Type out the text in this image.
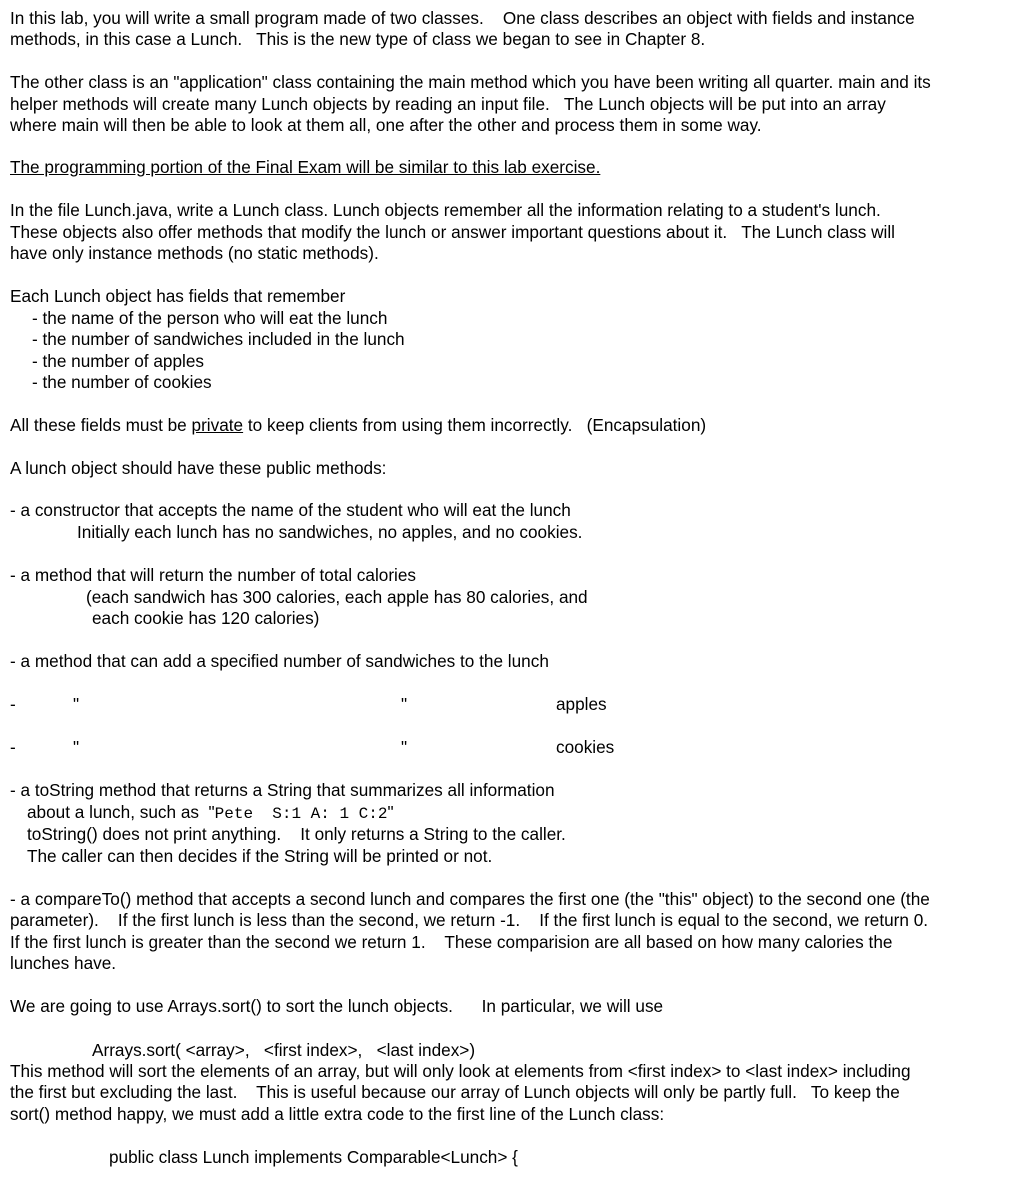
In this lab, you will write a small program made of two classes.    One class describes an object with fields and instance
methods, in this case a Lunch.   This is the new type of class we began to see in Chapter 8.
The other class is an "application" class containing the main method which you have been writing all quarter. main and its
helper methods will create many Lunch objects by reading an input file.   The Lunch objects will be put into an array
where main will then be able to look at them all, one after the other and process them in some way.
The programming portion of the Final Exam will be similar to this lab exercise.
In the file Lunch.java, write a Lunch class. Lunch objects remember all the information relating to a student's lunch.
These objects also offer methods that modify the lunch or answer important questions about it.   The Lunch class will
have only instance methods (no static methods).
Each Lunch object has fields that remember
- the name of the person who will eat the lunch
- the number of sandwiches included in the lunch
- the number of apples
- the number of cookies
All these fields must be private to keep clients from using them incorrectly.   (Encapsulation)
A lunch object should have these public methods:
- a constructor that accepts the name of the student who will eat the lunch
Initially each lunch has no sandwiches, no apples, and no cookies.
- a method that will return the number of total calories
(each sandwich has 300 calories, each apple has 80 calories, and
each cookie has 120 calories)
- a method that can add a specified number of sandwiches to the lunch
-	"	"	apples
-	"	"	cookies
- a toString method that returns a String that summarizes all information
about a lunch, such as  "Pete  S:1 A: 1 C:2"
toString() does not print anything.    It only returns a String to the caller.
The caller can then decides if the String will be printed or not.
- a compareTo() method that accepts a second lunch and compares the first one (the "this" object) to the second one (the
parameter).    If the first lunch is less than the second, we return -1.    If the first lunch is equal to the second, we return 0.
If the first lunch is greater than the second we return 1.    These comparision are all based on how many calories the
lunches have.
We are going to use Arrays.sort() to sort the lunch objects.      In particular, we will use
Arrays.sort( <array>,   <first index>,   <last index>)
This method will sort the elements of an array, but will only look at elements from <first index> to <last index> including
the first but excluding the last.    This is useful because our array of Lunch objects will only be partly full.   To keep the
sort() method happy, we must add a little extra code to the first line of the Lunch class:
public class Lunch implements Comparable<Lunch> {
